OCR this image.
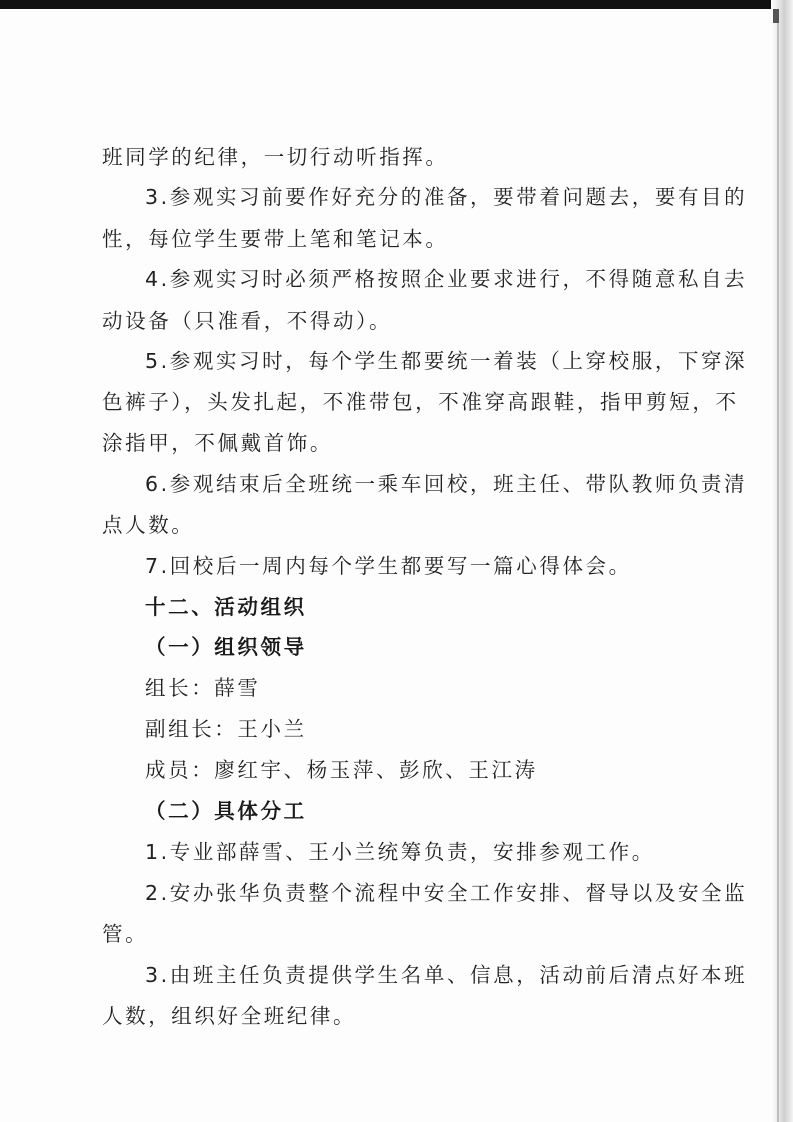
班同学的纪律，一切行动听指挥。
3.参观实习前要作好充分的准备，要带着问题去，要有目的
性，每位学生要带上笔和笔记本。
4.参观实习时必须严格按照企业要求进行，不得随意私自去
动设备（只准看，不得动）。
5.参观实习时，每个学生都要统一着装（上穿校服，下穿深
色裤子），头发扎起，不准带包，不准穿高跟鞋，指甲剪短，不
涂指甲，不佩戴首饰。
6.参观结束后全班统一乘车回校，班主任、带队教师负责清
点人数。
7.回校后一周内每个学生都要写一篇心得体会。
十二、活动组织
（一）组织领导
组长：薛雪
副组长：王小兰
成员：廖红宇、杨玉萍、彭欣、王江涛
（二）具体分工
1.专业部薛雪、王小兰统筹负责，安排参观工作。
2.安办张华负责整个流程中安全工作安排、督导以及安全监
管。
3.由班主任负责提供学生名单、信息，活动前后清点好本班
人数，组织好全班纪律。
